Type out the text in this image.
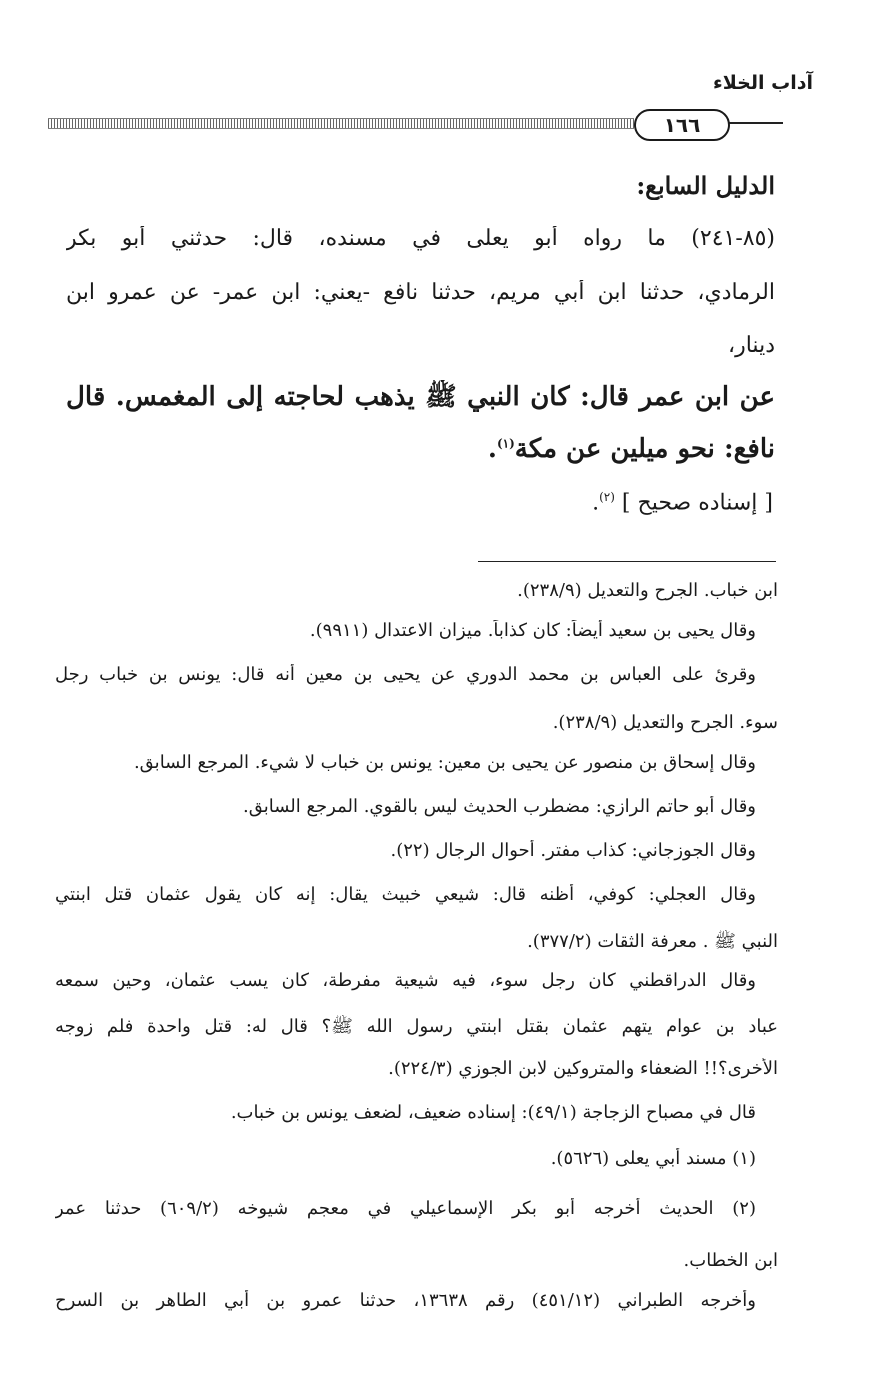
آداب الخلاء
١٦٦
الدليل السابع:
(٨٥-٢٤١) ما رواه أبو يعلى في مسنده، قال: حدثني أبو بكر
الرمادي، حدثنا ابن أبي مريم، حدثنا نافع -يعني: ابن عمر- عن عمرو ابن
دينار،
عن ابن عمر قال: كان النبي ﷺ يذهب لحاجته إلى المغمس. قال
نافع: نحو ميلين عن مكة$^{(١)}$.
[ إسناده صحيح ] $^{(٢)}$.
ابن خباب. الجرح والتعديل (٢٣٨/٩).
وقال يحيى بن سعيد أيضاً: كان كذاباً. ميزان الاعتدال (٩٩١١).
وقرئ على العباس بن محمد الدوري عن يحيى بن معين أنه قال: يونس بن خباب رجل
سوء. الجرح والتعديل (٢٣٨/٩).
وقال إسحاق بن منصور عن يحيى بن معين: يونس بن خباب لا شيء. المرجع السابق.
وقال أبو حاتم الرازي: مضطرب الحديث ليس بالقوي. المرجع السابق.
وقال الجوزجاني: كذاب مفتر. أحوال الرجال (٢٢).
وقال العجلي: كوفي، أظنه قال: شيعي خبيث يقال: إنه كان يقول عثمان قتل ابنتي
النبي ﷺ . معرفة الثقات (٣٧٧/٢).
وقال الدراقطني كان رجل سوء، فيه شيعية مفرطة، كان يسب عثمان، وحين سمعه
عباد بن عوام يتهم عثمان بقتل ابنتي رسول الله ﷺ؟ قال له: قتل واحدة فلم زوجه
الأخرى؟!! الضعفاء والمتروكين لابن الجوزي (٢٢٤/٣).
قال في مصباح الزجاجة (٤٩/١): إسناده ضعيف، لضعف يونس بن خباب.
(١) مسند أبي يعلى (٥٦٢٦).
(٢) الحديث أخرجه أبو بكر الإسماعيلي في معجم شيوخه (٦٠٩/٢) حدثنا عمر
ابن الخطاب.
وأخرجه الطبراني (٤٥١/١٢) رقم ١٣٦٣٨، حدثنا عمرو بن أبي الطاهر بن السرح
